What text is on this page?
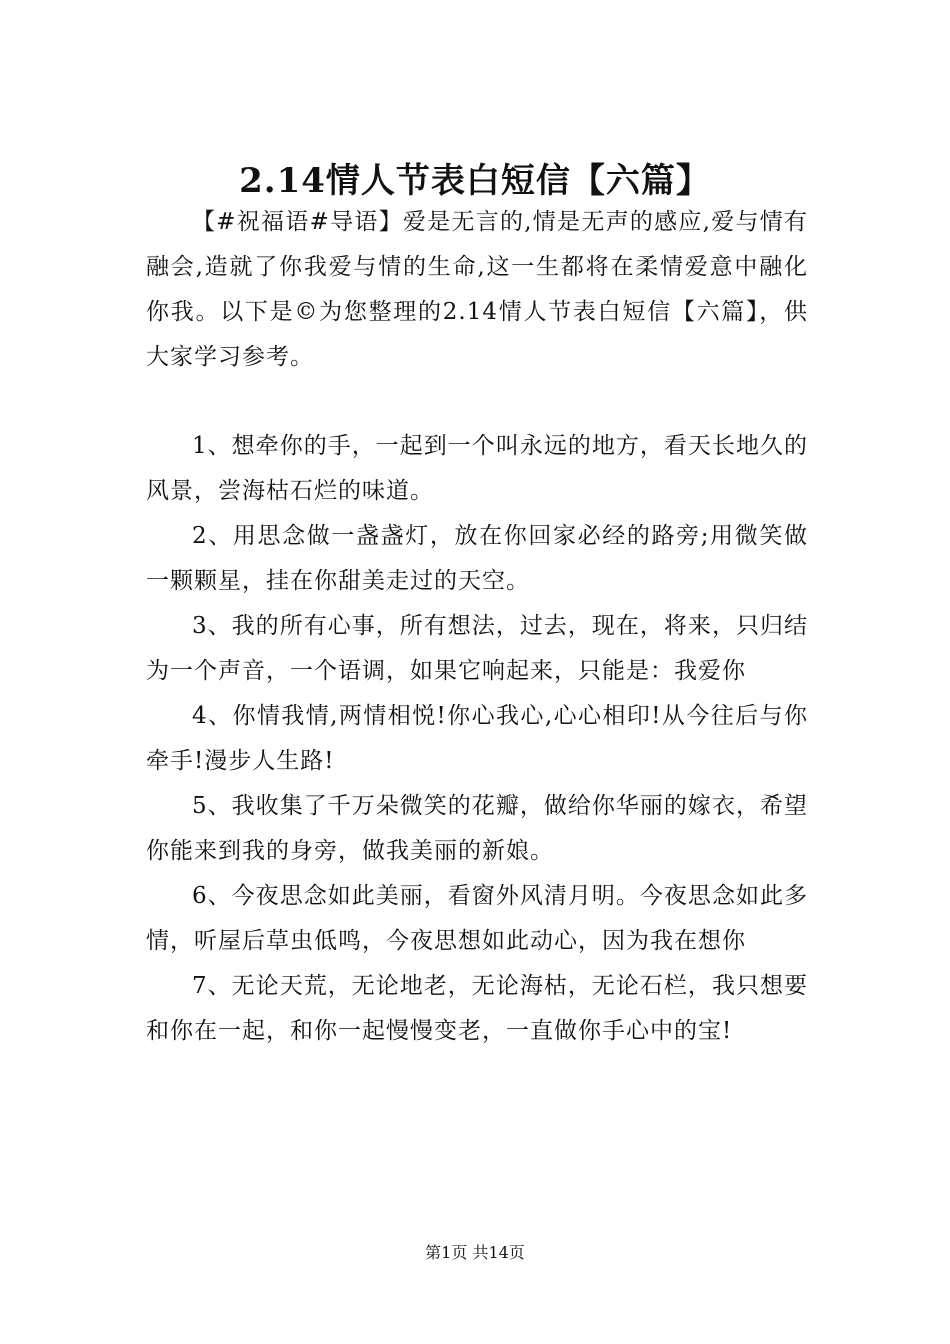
2.14情人节表白短信【六篇】

【#祝福语#导语】爱是无言的,情是无声的感应,爱与情有融会,造就了你我爱与情的生命,这一生都将在柔情爱意中融化你我。以下是©为您整理的2.14情人节表白短信【六篇】，供大家学习参考。

1、想牵你的手，一起到一个叫永远的地方，看天长地久的风景，尝海枯石烂的味道。
2、用思念做一盏盏灯，放在你回家必经的路旁;用微笑做一颗颗星，挂在你甜美走过的天空。
3、我的所有心事，所有想法，过去，现在，将来，只归结为一个声音，一个语调，如果它响起来，只能是：我爱你
4、你情我情,两情相悦!你心我心,心心相印!从今往后与你牵手!漫步人生路!
5、我收集了千万朵微笑的花瓣，做给你华丽的嫁衣，希望你能来到我的身旁，做我美丽的新娘。
6、今夜思念如此美丽，看窗外风清月明。今夜思念如此多情，听屋后草虫低鸣，今夜思想如此动心，因为我在想你
7、无论天荒，无论地老，无论海枯，无论石栏，我只想要和你在一起，和你一起慢慢变老，一直做你手心中的宝!
第1页 共14页
